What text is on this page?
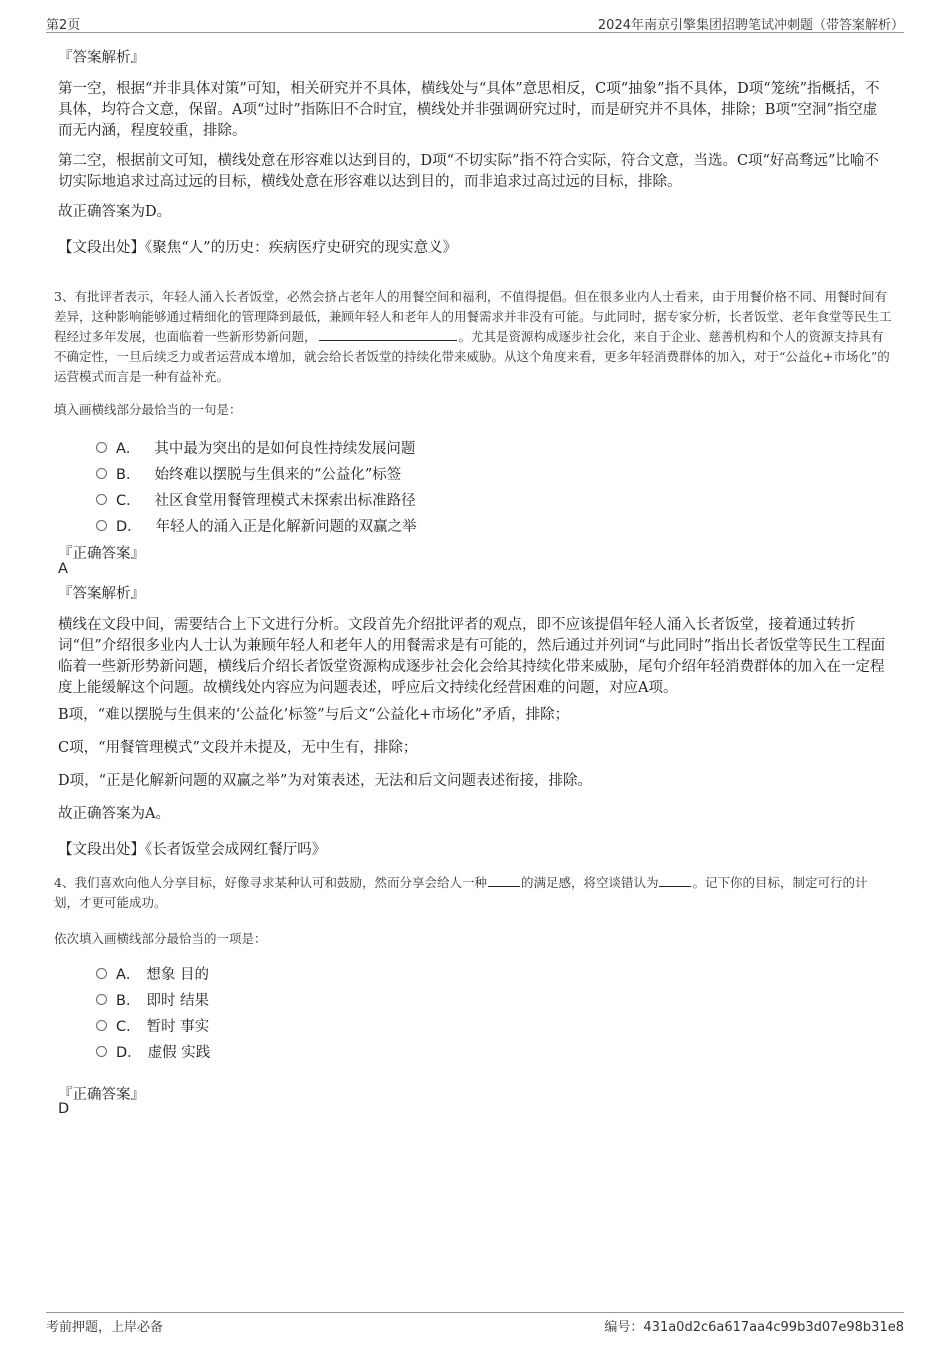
第2页	2024年南京引擎集团招聘笔试冲刺题（带答案解析）
『答案解析』
第一空，根据“并非具体对策”可知，相关研究并不具体，横线处与“具体”意思相反，C项“抽象”指不具体，D项“笼统”指概括，不具体，均符合文意，保留。A项“过时”指陈旧不合时宜，横线处并非强调研究过时，而是研究并不具体，排除；B项“空洞”指空虚而无内涵，程度较重，排除。
第二空，根据前文可知，横线处意在形容难以达到目的，D项“不切实际”指不符合实际，符合文意，当选。C项“好高骛远”比喻不切实际地追求过高过远的目标，横线处意在形容难以达到目的，而非追求过高过远的目标，排除。
故正确答案为D。
【文段出处】《聚焦“人”的历史：疾病医疗史研究的现实意义》
3、有批评者表示，年轻人涌入长者饭堂，必然会挤占老年人的用餐空间和福利，不值得提倡。但在很多业内人士看来，由于用餐价格不同、用餐时间有差异，这种影响能够通过精细化的管理降到最低，兼顾年轻人和老年人的用餐需求并非没有可能。与此同时，据专家分析，长者饭堂、老年食堂等民生工程经过多年发展，也面临着一些新形势新问题，	。尤其是资源构成逐步社会化，来自于企业、慈善机构和个人的资源支持具有不确定性，一旦后续乏力或者运营成本增加，就会给长者饭堂的持续化带来威胁。从这个角度来看，更多年轻消费群体的加入，对于“公益化+市场化”的运营模式而言是一种有益补充。
填入画横线部分最恰当的一句是：
A． 其中最为突出的是如何良性持续发展问题
B． 始终难以摆脱与生俱来的“公益化”标签
C． 社区食堂用餐管理模式未探索出标准路径
D． 年轻人的涌入正是化解新问题的双赢之举
『正确答案』
A
『答案解析』
横线在文段中间，需要结合上下文进行分析。文段首先介绍批评者的观点，即不应该提倡年轻人涌入长者饭堂，接着通过转折词“但”介绍很多业内人士认为兼顾年轻人和老年人的用餐需求是有可能的，然后通过并列词“与此同时”指出长者饭堂等民生工程面临着一些新形势新问题，横线后介绍长者饭堂资源构成逐步社会化会给其持续化带来威胁，尾句介绍年轻消费群体的加入在一定程度上能缓解这个问题。故横线处内容应为问题表述，呼应后文持续化经营困难的问题，对应A项。
B项，“难以摆脱与生俱来的‘公益化’标签”与后文“公益化+市场化”矛盾，排除；
C项，“用餐管理模式”文段并未提及，无中生有，排除；
D项，“正是化解新问题的双赢之举”为对策表述，无法和后文问题表述衔接，排除。
故正确答案为A。
【文段出处】《长者饭堂会成网红餐厅吗》
4、我们喜欢向他人分享目标，好像寻求某种认可和鼓励，然而分享会给人一种	的满足感，将空谈错认为	。记下你的目标，制定可行的计划，才更可能成功。
依次填入画横线部分最恰当的一项是：
A． 想象 目的
B． 即时 结果
C． 暂时 事实
D． 虚假 实践
『正确答案』
D
考前押题，上岸必备	编号：431a0d2c6a617aa4c99b3d07e98b31e8
